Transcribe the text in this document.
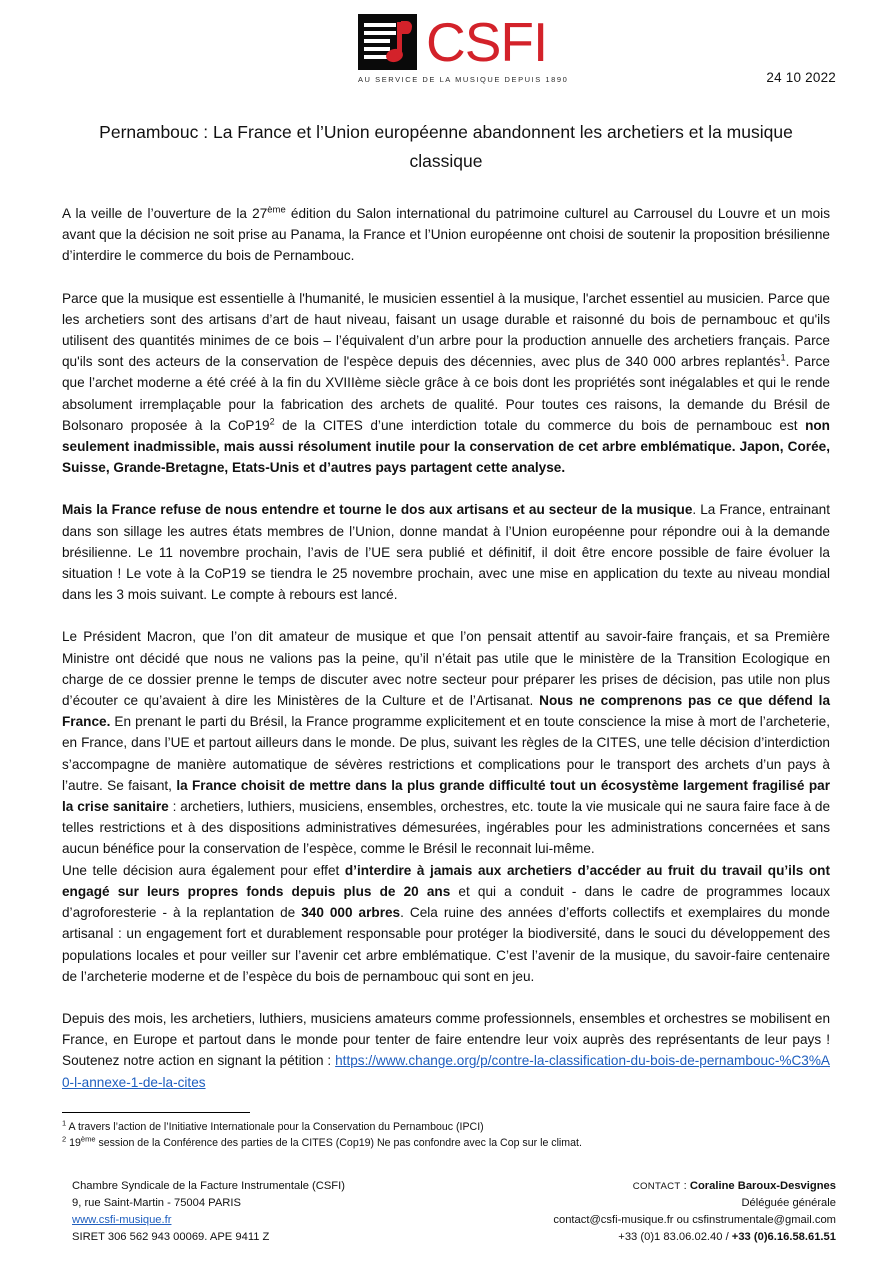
CSFI
AU SERVICE DE LA MUSIQUE DEPUIS 1890	24 10 2022
Pernambouc : La France et l’Union européenne abandonnent les archetiers et la musique classique

A la veille de l’ouverture de la 27ème édition du Salon international du patrimoine culturel au Carrousel du Louvre et un mois avant que la décision ne soit prise au Panama, la France et l’Union européenne ont choisi de soutenir la proposition brésilienne d’interdire le commerce du bois de Pernambouc.

Parce que la musique est essentielle à l'humanité, le musicien essentiel à la musique, l'archet essentiel au musicien. Parce que les archetiers sont des artisans d’art de haut niveau, faisant un usage durable et raisonné du bois de pernambouc et qu'ils utilisent des quantités minimes de ce bois – l’équivalent d’un arbre pour la production annuelle des archetiers français. Parce qu'ils sont des acteurs de la conservation de l'espèce depuis des décennies, avec plus de 340 000 arbres replantés$^1$. Parce que l’archet moderne a été créé à la fin du XVIIIème siècle grâce à ce bois dont les propriétés sont inégalables et qui le rende absolument irremplaçable pour la fabrication des archets de qualité. Pour toutes ces raisons, la demande du Brésil de Bolsonaro proposée à la $CoP19^2$ de la CITES d’une interdiction totale du commerce du bois de pernambouc est non seulement inadmissible, mais aussi résolument inutile pour la conservation de cet arbre emblématique. Japon, Corée, Suisse, Grande-Bretagne, Etats-Unis et d’autres pays partagent cette analyse.

Mais la France refuse de nous entendre et tourne le dos aux artisans et au secteur de la musique. La France, entrainant dans son sillage les autres états membres de l’Union, donne mandat à l’Union européenne pour répondre oui à la demande brésilienne. Le 11 novembre prochain, l’avis de l’UE sera publié et définitif, il doit être encore possible de faire évoluer la situation ! Le vote à la CoP19 se tiendra le 25 novembre prochain, avec une mise en application du texte au niveau mondial dans les 3 mois suivant. Le compte à rebours est lancé.

Le Président Macron, que l’on dit amateur de musique et que l’on pensait attentif au savoir-faire français, et sa Première Ministre ont décidé que nous ne valions pas la peine, qu’il n’était pas utile que le ministère de la Transition Ecologique en charge de ce dossier prenne le temps de discuter avec notre secteur pour préparer les prises de décision, pas utile non plus d’écouter ce qu’avaient à dire les Ministères de la Culture et de l’Artisanat. Nous ne comprenons pas ce que défend la France. En prenant le parti du Brésil, la France programme explicitement et en toute conscience la mise à mort de l’archeterie, en France, dans l’UE et partout ailleurs dans le monde. De plus, suivant les règles de la CITES, une telle décision d’interdiction s’accompagne de manière automatique de sévères restrictions et complications pour le transport des archets d’un pays à l’autre. Se faisant, la France choisit de mettre dans la plus grande difficulté tout un écosystème largement fragilisé par la crise sanitaire : archetiers, luthiers, musiciens, ensembles, orchestres, etc. toute la vie musicale qui ne saura faire face à de telles restrictions et à des dispositions administratives démesurées, ingérables pour les administrations concernées et sans aucun bénéfice pour la conservation de l’espèce, comme le Brésil le reconnait lui-même.

Une telle décision aura également pour effet d’interdire à jamais aux archetiers d’accéder au fruit du travail qu’ils ont engagé sur leurs propres fonds depuis plus de 20 ans et qui a conduit - dans le cadre de programmes locaux d’agroforesterie - à la replantation de 340 000 arbres. Cela ruine des années d’efforts collectifs et exemplaires du monde artisanal : un engagement fort et durablement responsable pour protéger la biodiversité, dans le souci du développement des populations locales et pour veiller sur l’avenir cet arbre emblématique. C’est l’avenir de la musique, du savoir-faire centenaire de l’archeterie moderne et de l’espèce du bois de pernambouc qui sont en jeu.

Depuis des mois, les archetiers, luthiers, musiciens amateurs comme professionnels, ensembles et orchestres se mobilisent en France, en Europe et partout dans le monde pour tenter de faire entendre leur voix auprès des représentants de leur pays ! Soutenez notre action en signant la pétition : https://www.change.org/p/contre-la-classification-du-bois-de-pernambouc-%C3%A0-l-annexe-1-de-la-cites

$^1$ A travers l’action de l’Initiative Internationale pour la Conservation du Pernambouc (IPCI)

$^2$ 19ème session de la Conférence des parties de la CITES (Cop19) Ne pas confondre avec la Cop sur le climat.

Chambre Syndicale de la Facture Instrumentale (CSFI)
9, rue Saint-Martin - 75004 PARIS
www.csfi-musique.fr
SIRET 306 562 943 00069. APE 9411 Z
CONTACT : Coraline Baroux-Desvignes
Déléguée générale
contact@csfi-musique.fr ou csfinstrumentale@gmail.com
+33 (0)1 83.06.02.40 / +33 (0)6.16.58.61.51
